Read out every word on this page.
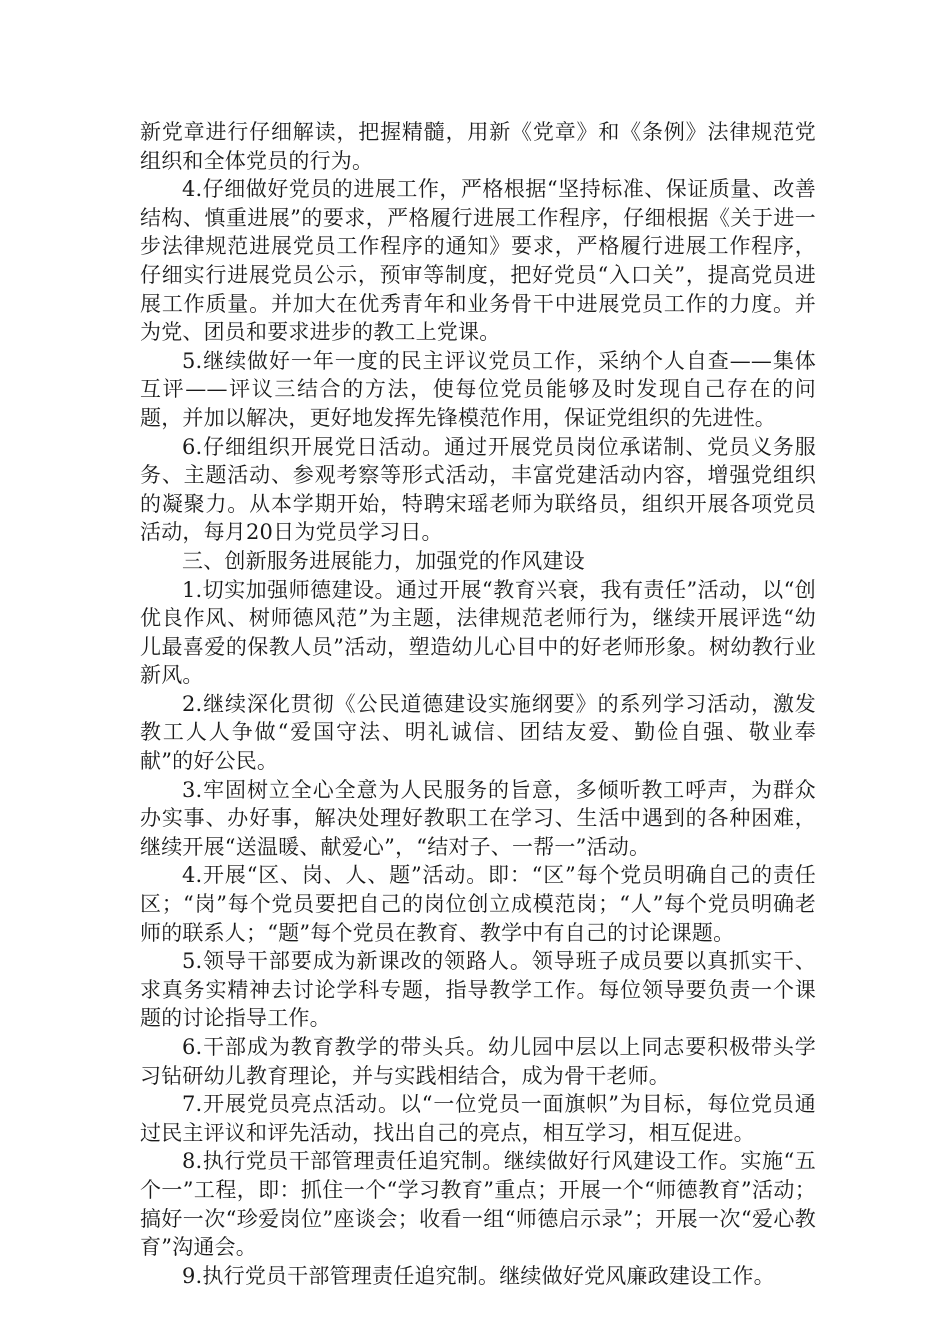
新党章进行仔细解读，把握精髓，用新《党章》和《条例》法律规范党组织和全体党员的行为。

4.仔细做好党员的进展工作，严格根据“坚持标准、保证质量、改善结构、慎重进展”的要求，严格履行进展工作程序，仔细根据《关于进一步法律规范进展党员工作程序的通知》要求，严格履行进展工作程序，仔细实行进展党员公示，预审等制度，把好党员“入口关”，提高党员进展工作质量。并加大在优秀青年和业务骨干中进展党员工作的力度。并为党、团员和要求进步的教工上党课。

5.继续做好一年一度的民主评议党员工作，采纳个人自查——集体互评——评议三结合的方法，使每位党员能够及时发现自己存在的问题，并加以解决，更好地发挥先锋模范作用，保证党组织的先进性。

6.仔细组织开展党日活动。通过开展党员岗位承诺制、党员义务服务、主题活动、参观考察等形式活动，丰富党建活动内容，增强党组织的凝聚力。从本学期开始，特聘宋瑶老师为联络员，组织开展各项党员活动，每月20日为党员学习日。

三、创新服务进展能力，加强党的作风建设

1.切实加强师德建设。通过开展“教育兴衰，我有责任”活动，以“创优良作风、树师德风范”为主题，法律规范老师行为，继续开展评选“幼儿最喜爱的保教人员”活动，塑造幼儿心目中的好老师形象。树幼教行业新风。

2.继续深化贯彻《公民道德建设实施纲要》的系列学习活动，激发教工人人争做“爱国守法、明礼诚信、团结友爱、勤俭自强、敬业奉献”的好公民。

3.牢固树立全心全意为人民服务的旨意，多倾听教工呼声，为群众办实事、办好事，解决处理好教职工在学习、生活中遇到的各种困难，继续开展“送温暖、献爱心”，“结对子、一帮一”活动。

4.开展“区、岗、人、题”活动。即：“区”每个党员明确自己的责任区；“岗”每个党员要把自己的岗位创立成模范岗；“人”每个党员明确老师的联系人；“题”每个党员在教育、教学中有自己的讨论课题。

5.领导干部要成为新课改的领路人。领导班子成员要以真抓实干、求真务实精神去讨论学科专题，指导教学工作。每位领导要负责一个课题的讨论指导工作。

6.干部成为教育教学的带头兵。幼儿园中层以上同志要积极带头学习钻研幼儿教育理论，并与实践相结合，成为骨干老师。

7.开展党员亮点活动。以“一位党员一面旗帜”为目标，每位党员通过民主评议和评先活动，找出自己的亮点，相互学习，相互促进。

8.执行党员干部管理责任追究制。继续做好行风建设工作。实施“五个一”工程，即：抓住一个“学习教育”重点；开展一个“师德教育”活动；搞好一次“珍爱岗位”座谈会；收看一组“师德启示录”；开展一次“爱心教育”沟通会。

9.执行党员干部管理责任追究制。继续做好党风廉政建设工作。
